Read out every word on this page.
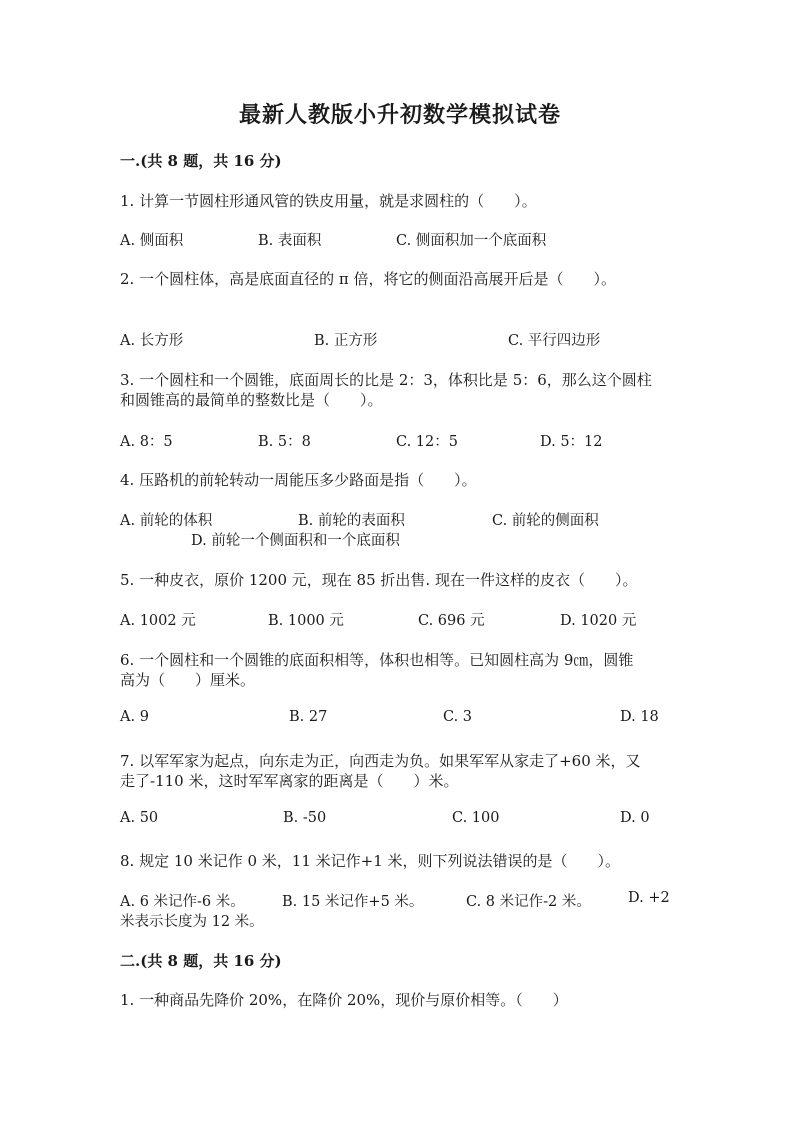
最新人教版小升初数学模拟试卷
一.(共 8 题，共 16 分)
1. 计算一节圆柱形通风管的铁皮用量，就是求圆柱的（　　）。
A. 侧面积	B. 表面积	C. 侧面积加一个底面积
2. 一个圆柱体，高是底面直径的 π 倍，将它的侧面沿高展开后是（　　）。
A. 长方形	B. 正方形	C. 平行四边形
3. 一个圆柱和一个圆锥，底面周长的比是 2：3，体积比是 5：6，那么这个圆柱
和圆锥高的最简单的整数比是（　　）。
A. 8：5	B. 5：8	C. 12：5	D. 5：12
4. 压路机的前轮转动一周能压多少路面是指（　　）。
A. 前轮的体积	B. 前轮的表面积	C. 前轮的侧面积
D. 前轮一个侧面积和一个底面积
5. 一种皮衣，原价 1200 元，现在 85 折出售. 现在一件这样的皮衣（　　）。
A. 1002 元	B. 1000 元	C. 696 元	D. 1020 元
6. 一个圆柱和一个圆锥的底面积相等，体积也相等。已知圆柱高为 9㎝，圆锥
高为（　　）厘米。
A. 9	B. 27	C. 3	D. 18
7. 以军军家为起点，向东走为正，向西走为负。如果军军从家走了+60 米，又
走了-110 米，这时军军离家的距离是（　　）米。
A. 50	B. -50	C. 100	D. 0
8. 规定 10 米记作 0 米，11 米记作+1 米，则下列说法错误的是（　　）。
A. 6 米记作-6 米。	B. 15 米记作+5 米。	C. 8 米记作-2 米。	D. +2
米表示长度为 12 米。
二.(共 8 题，共 16 分)
1. 一种商品先降价 20%，在降价 20%，现价与原价相等。（　　）
